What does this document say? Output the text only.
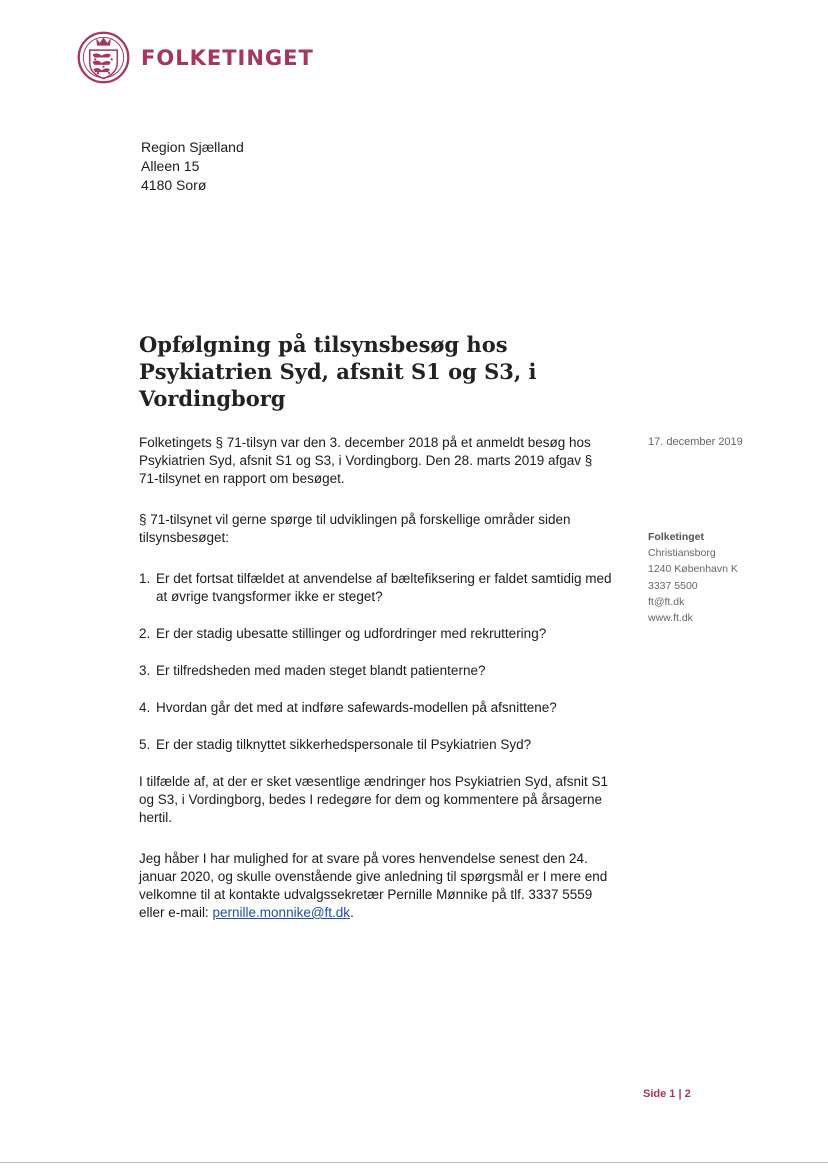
FOLKETINGET
Region Sjælland
Alleen 15
4180 Sorø
Opfølgning på tilsynsbesøg hos Psykiatrien Syd, afsnit S1 og S3, i Vordingborg

Folketingets § 71-tilsyn var den 3. december 2018 på et anmeldt besøg hos Psykiatrien Syd, afsnit S1 og S3, i Vordingborg. Den 28. marts 2019 afgav § 71-tilsynet en rapport om besøget.

§ 71-tilsynet vil gerne spørge til udviklingen på forskellige områder siden tilsynsbesøget:

1. Er det fortsat tilfældet at anvendelse af bæltefiksering er faldet samtidig med at øvrige tvangsformer ikke er steget?
2. Er der stadig ubesatte stillinger og udfordringer med rekruttering?
3. Er tilfredsheden med maden steget blandt patienterne?
4. Hvordan går det med at indføre safewards-modellen på afsnittene?
5. Er der stadig tilknyttet sikkerhedspersonale til Psykiatrien Syd?

I tilfælde af, at der er sket væsentlige ændringer hos Psykiatrien Syd, afsnit S1 og S3, i Vordingborg, bedes I redegøre for dem og kommentere på årsagerne hertil.

Jeg håber I har mulighed for at svare på vores henvendelse senest den 24. januar 2020, og skulle ovenstående give anledning til spørgsmål er I mere end velkomne til at kontakte udvalgssekretær Pernille Mønnike på tlf. 3337 5559 eller e-mail: pernille.monnike@ft.dk.

17. december 2019
Folketinget
Christiansborg
1240 København K
3337 5500
ft@ft.dk
www.ft.dk
Side 1 | 2
